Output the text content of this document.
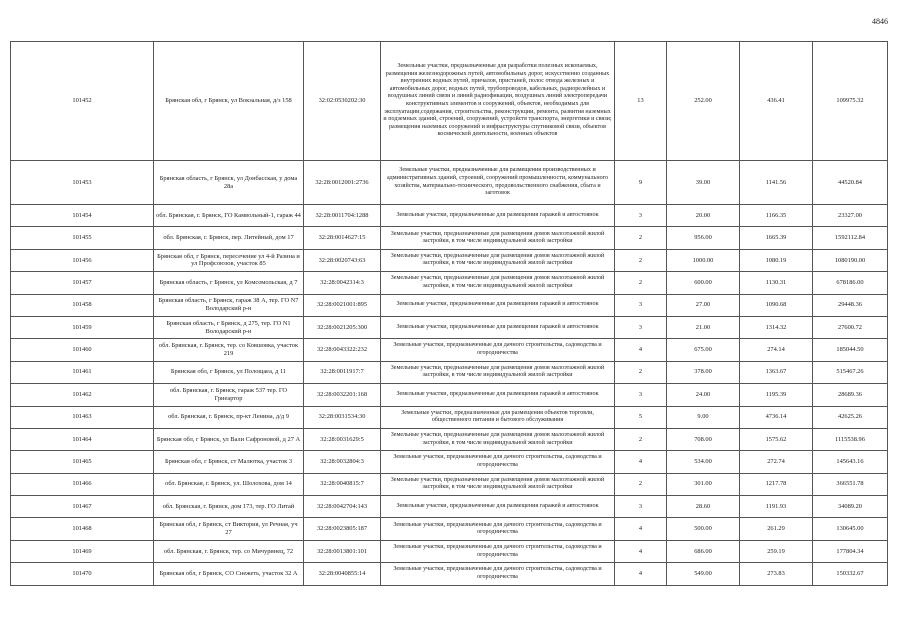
4846
101452	Брянская обл, г Брянск, ул Вокзальная, д/з 158	32:02:0530202:30	Земельные участки, предназначенные для разработки полезных ископаемых, размещения железнодорожных путей, автомобильных дорог, искусственно созданных внутренних водных путей, причалов, пристаней, полос отвода железных и автомобильных дорог, водных путей, трубопроводов, кабельных, радиорелейных и воздушных линий связи и линий радиофикации, воздушных линий электропередачи конструктивных элементов и сооружений, объектов, необходимых для эксплуатации,содержания, строительства, реконструкции, ремонта, развития наземных и подземных зданий, строений, сооружений, устройств транспорта, энергетики и связи; размещения наземных сооружений и инфраструктуры спутниковой связи, объектов космической деятельности, военных объектов	13	252.00	436.41	109975.32
101453	Брянская область, г Брянск, ул Донбасская, у дома 28а	32:28:0012001:2736	Земельные участки, предназначенные для размещения производственных и административных зданий, строений, сооружений промышленности, коммунального хозяйства, материально-технического, продовольственного снабжения, сбыта и заготовок	9	39.00	1141.56	44520.84
101454	обл. Брянская, г. Брянск, ГО Камвольный-1, гараж 44	32:28:0011704:1288	Земельные участки, предназначенные для размещения гаражей и автостоянок	3	20.00	1166.35	23327.00
101455	обл. Брянская, г. Брянск, пер. Литейный, дом 17	32:28:0014627:15	Земельные участки, предназначенные для размещения домов малоэтажной жилой застройки, в том числе индивидуальной жилой застройки	2	956.00	1665.39	1592112.84
101456	Брянская обл, г Брянск, пересечение ул 4-й Разина и ул Профсоюзов, участок 85	32:28:0020743:63	Земельные участки, предназначенные для размещения домов малоэтажной жилой застройки, в том числе индивидуальной жилой застройки	2	1000.00	1080.19	1080190.00
101457	Брянская область, г Брянск, ул Комсомольская, д 7	32:28:0042314:3	Земельные участки, предназначенные для размещения домов малоэтажной жилой застройки, в том числе индивидуальной жилой застройки	2	600.00	1130.31	678186.00
101458	Брянская область, г Брянск, гараж 38 А, тер. ГО N7 Володарский р-н	32:28:0021001:895	Земельные участки, предназначенные для размещения гаражей и автостоянок	3	27.00	1090.68	29448.36
101459	Брянская область, г Брянск, д 275, тер. ГО N1 Володарский р-н	32:28:0021205:300	Земельные участки, предназначенные для размещения гаражей и автостоянок	3	21.00	1314.32	27600.72
101460	обл. Брянская, г. Брянск, тер. со Ковшовка, участок 219	32:28:0043322:232	Земельные участки, предназначенные для дачного строительства, садоводства и огородничества	4	675.00	274.14	185044.50
101461	Брянская обл, г Брянск, ул Полощаеа, д 11	32:28:0011917:7	Земельные участки, предназначенные для размещения домов малоэтажной жилой застройки, в том числе индивидуальной жилой застройки	2	378.00	1363.67	515467.26
101462	обл. Брянская, г. Брянск, гараж 537 тер. ГО Гриеартор	32:28:0032201:168	Земельные участки, предназначенные для размещения гаражей и автостоянок	3	24.00	1195.39	28689.36
101463	обл. Брянская, г. Брянск, пр-кт Ленина, д/д 9	32:28:0031534:30	Земельные участки, предназначенные для размещения объектов торговли, общественного питания и бытового обслуживания	5	9.00	4736.14	42625.26
101464	Брянская обл, г Брянск, ул Вали Сафроновой, д 27 А	32:28:0031629:5	Земельные участки, предназначенные для размещения домов малоэтажной жилой застройки, в том числе индивидуальной жилой застройки	2	708.00	1575.62	1115538.96
101465	Брянская обл, г Брянск, ст Малютка, участок 3	32:28:0032804:3	Земельные участки, предназначенные для дачного строительства, садоводства и огородничества	4	534.00	272.74	145643.16
101466	обл. Брянская, г. Брянск, ул. Шолохова, дом 14	32:28:0040815:7	Земельные участки, предназначенные для размещения домов малоэтажной жилой застройки, в том числе индивидуальной жилой застройки	2	301.00	1217.78	366551.78
101467	обл. Брянская, г. Брянск, дом 173, тер. ГО Литай	32:28:0042704:143	Земельные участки, предназначенные для размещения гаражей и автостоянок	3	28.60	1191.93	34089.20
101468	Брянская обл, г Брянск, ст Виктория, ул Речная, уч 27	32:28:0023805:187	Земельные участки, предназначенные для дачного строительства, садоводства и огородничества	4	500.00	261.29	130645.00
101469	обл. Брянская, г. Брянск, тер. со Мичуринец, 72	32:28:0013801:101	Земельные участки, предназначенные для дачного строительства, садоводства и огородничества	4	686.00	259.19	177804.34
101470	Брянская обл, г Брянск, СО Снежеть, участок 32 А	32:28:0040855:14	Земельные участки, предназначенные для дачного строительства, садоводства и огородничества	4	549.00	273.83	150332.67
